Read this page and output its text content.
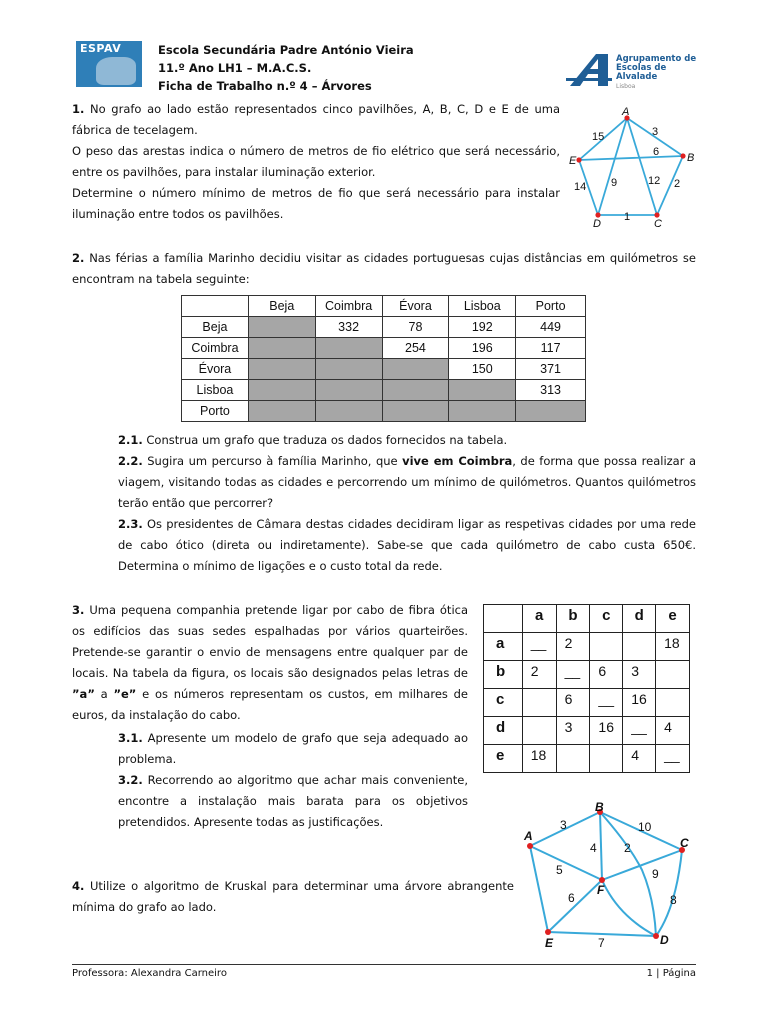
ESPAV	Escola Secundária Padre António Vieira
11.º Ano LH1 – M.A.C.S.
Ficha de Trabalho n.º 4 – Árvores
Agrupamento de
Escolas de Alvalade
Lisboa
1. No grafo ao lado estão representados cinco pavilhões, A, B, C, D e E de uma fábrica de tecelagem.
O peso das arestas indica o número de metros de fio elétrico que será necessário, entre os pavilhões, para instalar iluminação exterior.
Determine o número mínimo de metros de fio que será necessário para instalar iluminação entre todos os pavilhões.
A
B
C
D
E
15	3
6
9	12
14	2
1
2. Nas férias a família Marinho decidiu visitar as cidades portuguesas cujas distâncias em quilómetros se encontram na tabela seguinte:
	Beja	Coimbra	Évora	Lisboa	Porto
Beja		332	78	192	449
Coimbra			254	196	117
Évora				150	371
Lisboa					313
Porto					
2.1. Construa um grafo que traduza os dados fornecidos na tabela.
2.2. Sugira um percurso à família Marinho, que vive em Coimbra, de forma que possa realizar a viagem, visitando todas as cidades e percorrendo um mínimo de quilómetros. Quantos quilómetros terão então que percorrer?
2.3. Os presidentes de Câmara destas cidades decidiram ligar as respetivas cidades por uma rede de cabo ótico (direta ou indiretamente). Sabe-se que cada quilómetro de cabo custa 650€. Determina o mínimo de ligações e o custo total da rede.
3. Uma pequena companhia pretende ligar por cabo de fibra ótica os edifícios das suas sedes espalhadas por vários quarteirões. Pretende-se garantir o envio de mensagens entre qualquer par de locais. Na tabela da figura, os locais são designados pelas letras de ”a” a ”e” e os números representam os custos, em milhares de euros, da instalação do cabo.
3.1. Apresente um modelo de grafo que seja adequado ao problema.
3.2. Recorrendo ao algoritmo que achar mais conveniente, encontre a instalação mais barata para os objetivos pretendidos. Apresente todas as justificações.
	a	b	c	d	e
a	__	2			18
b	2	__	6	3	
c		6	__	16	
d		3	16	__	4
e	18			4	__
4. Utilize o algoritmo de Kruskal para determinar uma árvore abrangente mínima do grafo ao lado.
A
B
C
D
E
F
3	10
4 2
5	9
6	8
7
Professora: Alexandra Carneiro	1 | Página
